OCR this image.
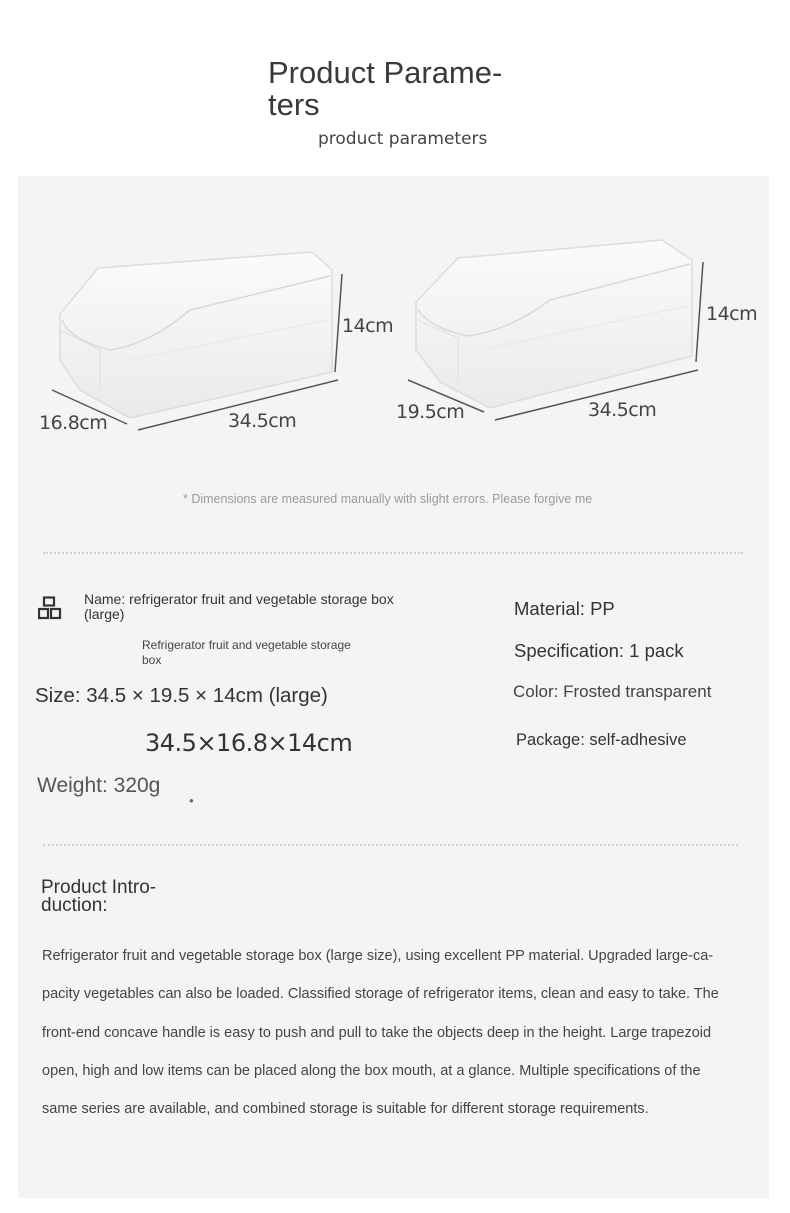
Product Parame- ters
product parameters
14cm
16.8cm	34.5cm
14cm
19.5cm	34.5cm
* Dimensions are measured manually with slight errors. Please forgive me
Name: refrigerator fruit and vegetable storage box (large)
Refrigerator fruit and vegetable storage box
Size: 34.5 × 19.5 × 14cm (large)
34.5×16.8×14cm
Weight: 320g
●
Material: PP
Specification: 1 pack
Color: Frosted transparent
Package: self-adhesive
Product Intro- duction:
Refrigerator fruit and vegetable storage box (large size), using excellent PP material. Upgraded large-ca- pacity vegetables can also be loaded. Classified storage of refrigerator items, clean and easy to take. The front-end concave handle is easy to push and pull to take the objects deep in the height. Large trapezoid open, high and low items can be placed along the box mouth, at a glance. Multiple specifications of the same series are available, and combined storage is suitable for different storage requirements.
